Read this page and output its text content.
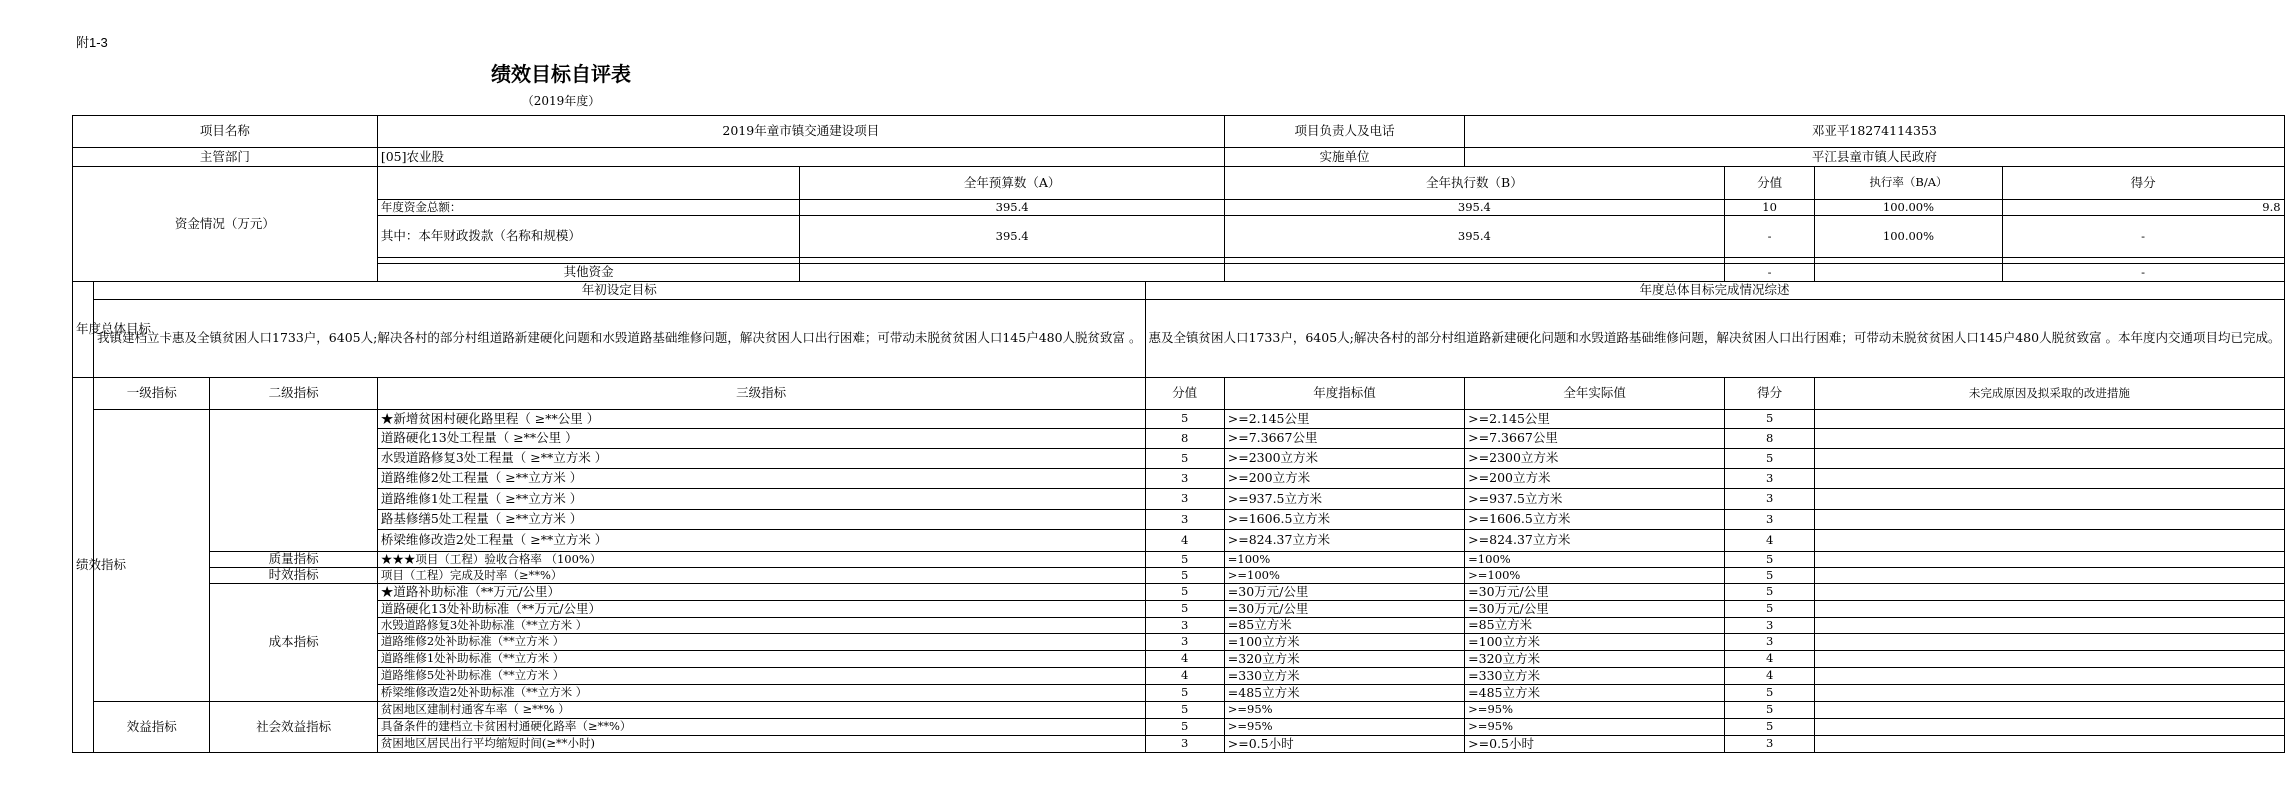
附1-3
绩效目标自评表
（2019年度）
项目名称			2019年童市镇交通建设项目			项目负责人及电话	邓亚平18274114353			
主管部门			[05]农业股			实施单位	平江县童市镇人民政府			
资金情况（万元）				全年预算数（A）		全年执行数（B）		分值	执行率（B/A）	得分
			年度资金总额：	395.4		395.4		10	100.00%	9.8
			其中：本年财政拨款（名称和规模）	395.4		395.4		-	100.00%	-

			其他资金					-		-
年度总体目标	年初设定目标				年度总体目标完成情况综述					
	我镇建档立卡惠及全镇贫困人口1733户，6405人;解决各村的部分村组道路新建硬化问题和水毁道路基础维修问题，解决贫困人口出行困难；可带动未脱贫贫困人口145户480人脱贫致富 。				惠及全镇贫困人口1733户，6405人;解决各村的部分村组道路新建硬化问题和水毁道路基础维修问题，解决贫困人口出行困难；可带动未脱贫贫困人口145户480人脱贫致富 。本年度内交通项目均已完成。					
绩效指标	一级指标	二级指标	三级指标		分值	年度指标值	全年实际值	得分	未完成原因及拟采取的改进措施	
			★新增贫困村硬化路里程（ ≥**公里 ）		5	>=2.145公里	>=2.145公里	5		
			道路硬化13处工程量（ ≥**公里 ）		8	>=7.3667公里	>=7.3667公里	8		
			水毁道路修复3处工程量（ ≥**立方米 ）		5	>=2300立方米	>=2300立方米	5		
			道路维修2处工程量（ ≥**立方米 ）		3	>=200立方米	>=200立方米	3		
			道路维修1处工程量（ ≥**立方米 ）		3	>=937.5立方米	>=937.5立方米	3		
			路基修缮5处工程量（ ≥**立方米 ）		3	>=1606.5立方米	>=1606.5立方米	3		
			桥梁维修改造2处工程量（ ≥**立方米 ）		4	>=824.37立方米	>=824.37立方米	4		
		质量指标	★★★项目（工程）验收合格率 （100%）		5	=100%	=100%	5		
		时效指标	项目（工程）完成及时率（≥**%）		5	>=100%	>=100%	5		
		成本指标	★道路补助标准（**万元/公里）		5	=30万元/公里	=30万元/公里	5		
			道路硬化13处补助标准（**万元/公里）		5	=30万元/公里	=30万元/公里	5		
			水毁道路修复3处补助标准（**立方米 ）		3	=85立方米	=85立方米	3		
			道路维修2处补助标准（**立方米 ）		3	=100立方米	=100立方米	3		
			道路维修1处补助标准（**立方米 ）		4	=320立方米	=320立方米	4		
			道路维修5处补助标准（**立方米 ）		4	=330立方米	=330立方米	4		
			桥梁维修改造2处补助标准（**立方米 ）		5	=485立方米	=485立方米	5		
	效益指标	社会效益指标	贫困地区建制村通客车率（ ≥**% ）		5	>=95%	>=95%	5		
			具备条件的建档立卡贫困村通硬化路率（≥**%）		5	>=95%	>=95%	5		
			贫困地区居民出行平均缩短时间(≥**小时)		3	>=0.5小时	>=0.5小时	3		
